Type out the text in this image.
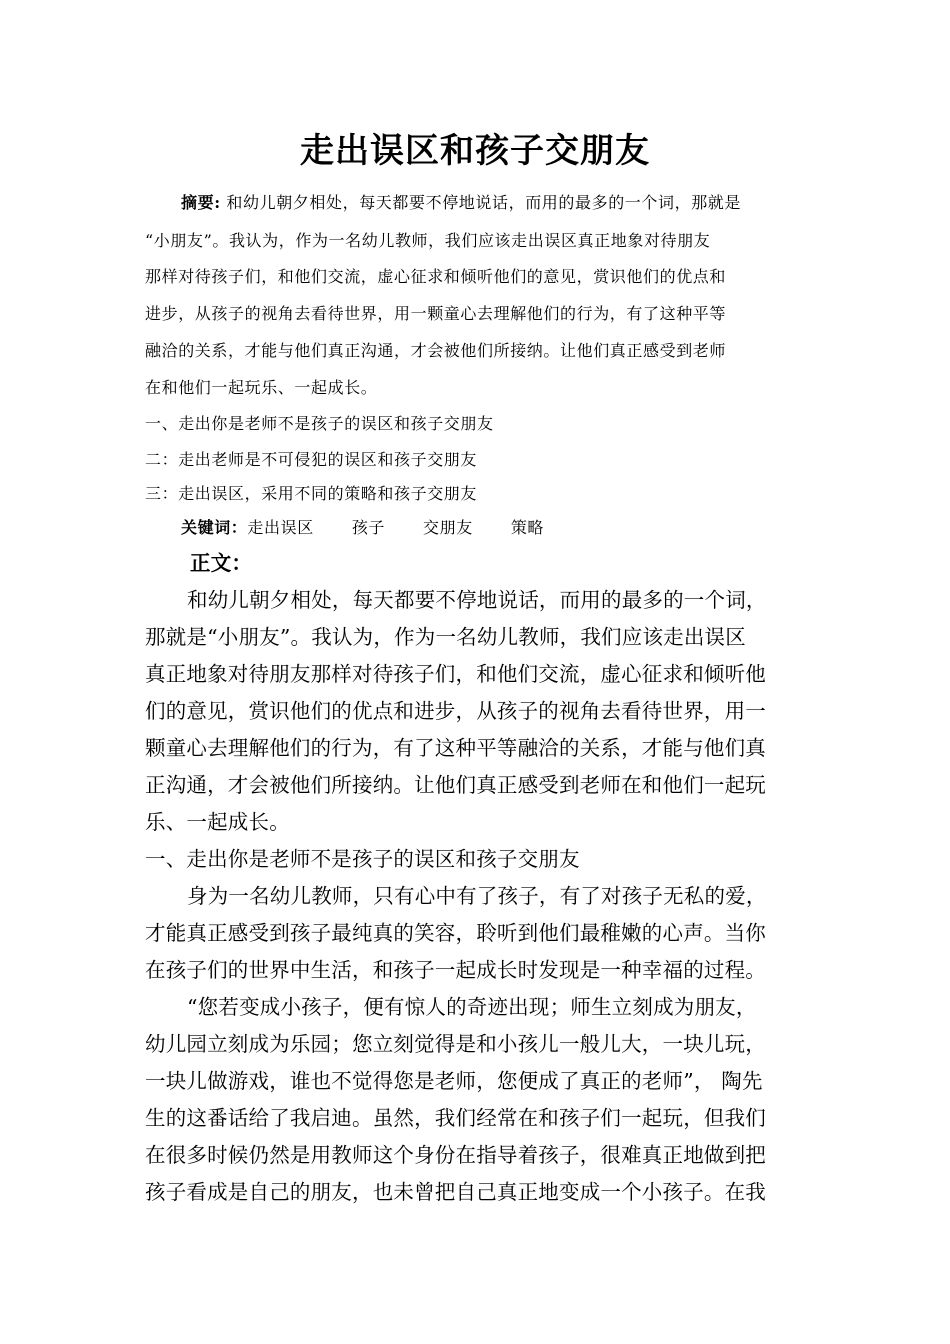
走出误区和孩子交朋友
摘要: 和幼儿朝夕相处，每天都要不停地说话，而用的最多的一个词，那就是
“小朋友”。我认为，作为一名幼儿教师，我们应该走出误区真正地象对待朋友
那样对待孩子们，和他们交流，虚心征求和倾听他们的意见，赏识他们的优点和
进步，从孩子的视角去看待世界，用一颗童心去理解他们的行为，有了这种平等
融洽的关系，才能与他们真正沟通，才会被他们所接纳。让他们真正感受到老师
在和他们一起玩乐、一起成长。
一、走出你是老师不是孩子的误区和孩子交朋友
二：走出老师是不可侵犯的误区和孩子交朋友
三：走出误区，采用不同的策略和孩子交朋友
关键词：走出误区 孩子 交朋友 策略
正文：
和幼儿朝夕相处，每天都要不停地说话，而用的最多的一个词，
那就是“小朋友”。我认为，作为一名幼儿教师，我们应该走出误区
真正地象对待朋友那样对待孩子们，和他们交流，虚心征求和倾听他
们的意见，赏识他们的优点和进步，从孩子的视角去看待世界，用一
颗童心去理解他们的行为，有了这种平等融洽的关系，才能与他们真
正沟通，才会被他们所接纳。让他们真正感受到老师在和他们一起玩
乐、一起成长。
一、走出你是老师不是孩子的误区和孩子交朋友
身为一名幼儿教师，只有心中有了孩子，有了对孩子无私的爱，
才能真正感受到孩子最纯真的笑容，聆听到他们最稚嫩的心声。当你
在孩子们的世界中生活，和孩子一起成长时发现是一种幸福的过程。
“您若变成小孩子，便有惊人的奇迹出现；师生立刻成为朋友，
幼儿园立刻成为乐园；您立刻觉得是和小孩儿一般儿大，一块儿玩，
一块儿做游戏，谁也不觉得您是老师，您便成了真正的老师”， 陶先
生的这番话给了我启迪。虽然，我们经常在和孩子们一起玩，但我们
在很多时候仍然是用教师这个身份在指导着孩子，很难真正地做到把
孩子看成是自己的朋友，也未曾把自己真正地变成一个小孩子。在我
